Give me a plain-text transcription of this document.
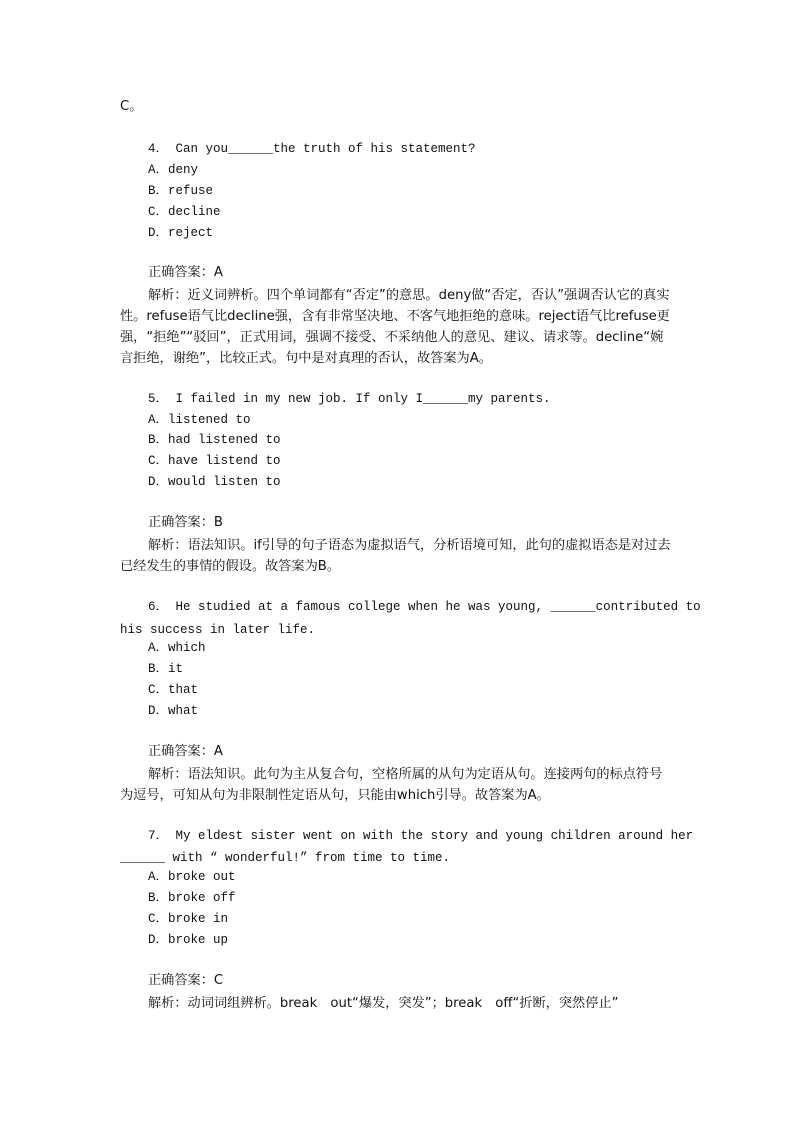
C。
4． Can you______the truth of his statement?
A．deny
B．refuse
C．decline
D．reject
正确答案：A

解析：近义词辨析。四个单词都有“否定”的意思。deny做“否定，否认”强调否认它的真实性。refuse语气比decline强，含有非常坚决地、不客气地拒绝的意味。reject语气比refuse更强，“拒绝”“驳回”，正式用词，强调不接受、不采纳他人的意见、建议、请求等。decline“婉言拒绝，谢绝”，比较正式。句中是对真理的否认，故答案为A。

5． I failed in my new job. If only I______my parents.
A．listened to
B．had listened to
C．have listend to
D．would listen to
正确答案：B

解析：语法知识。if引导的句子语态为虚拟语气，分析语境可知，此句的虚拟语态是对过去已经发生的事情的假设。故答案为B。

6． He studied at a famous college when he was young, ______contributed to
his success in later life.
A．which
B．it
C．that
D．what
正确答案：A

解析：语法知识。此句为主从复合句，空格所属的从句为定语从句。连接两句的标点符号为逗号，可知从句为非限制性定语从句，只能由which引导。故答案为A。

7． My eldest sister went on with the story and young children around her
______ with “ wonderful!” from time to time.
A．broke out
B．broke off
C．broke in
D．broke up
正确答案：C

解析：动词词组辨析。break　out“爆发，突发”；break　off“折断，突然停止”
